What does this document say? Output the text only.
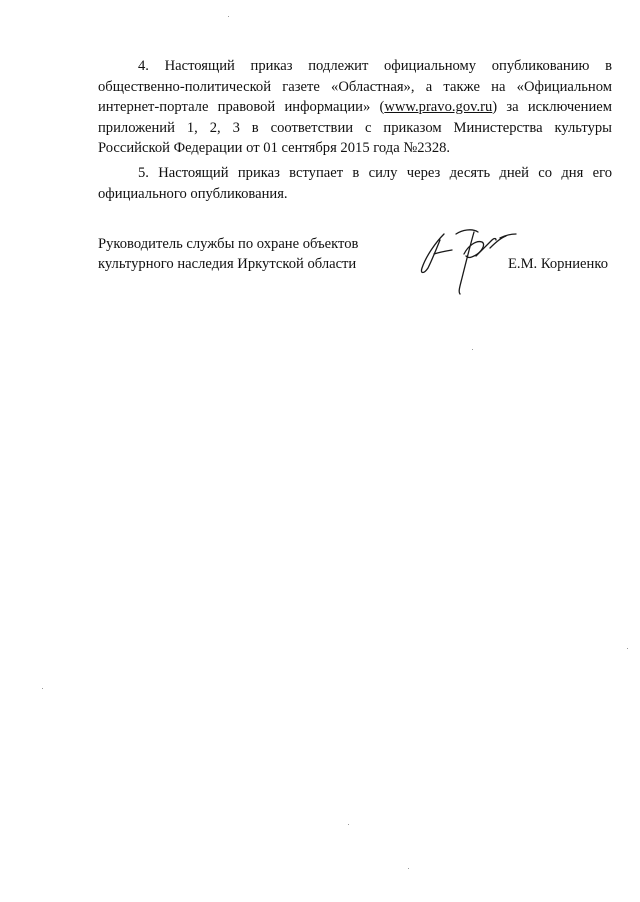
4. Настоящий приказ подлежит официальному опубликованию в общественно-политической газете «Областная», а также на «Официальном интернет-портале правовой информации» (www.pravo.gov.ru) за исключением приложений 1, 2, 3 в соответствии с приказом Министерства культуры Российской Федерации от 01 сентября 2015 года №2328.

5. Настоящий приказ вступает в силу через десять дней со дня его официального опубликования.

Руководитель службы по охране объектов
культурного наследия Иркутской области	Е.М. Корниенко
